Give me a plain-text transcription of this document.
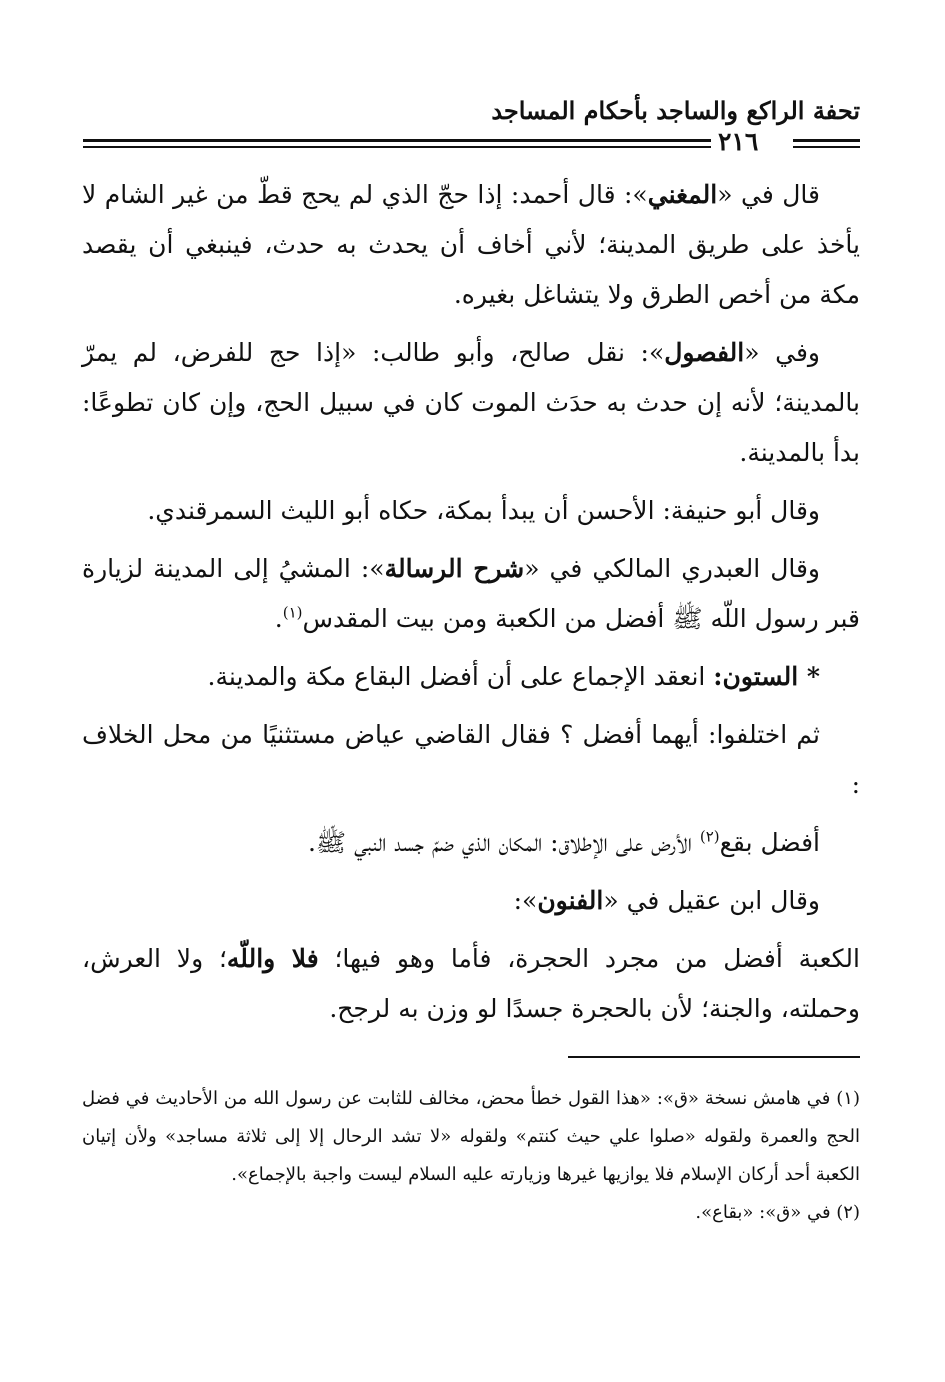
تحفة الراكع والساجد بأحكام المساجد
٢١٦

قال في «المغني»: قال أحمد: إذا حجّ الذي لم يحج قطّ من غير الشام لا يأخذ على طريق المدينة؛ لأني أخاف أن يحدث به حدث، فينبغي أن يقصد مكة من أخص الطرق ولا يتشاغل بغيره.

وفي «الفصول»: نقل صالح، وأبو طالب: «إذا حج للفرض، لم يمرّ بالمدينة؛ لأنه إن حدث به حدَث الموت كان في سبيل الحج، وإن كان تطوعًا: بدأ بالمدينة.

وقال أبو حنيفة: الأحسن أن يبدأ بمكة، حكاه أبو الليث السمرقندي.

وقال العبدري المالكي في «شرح الرسالة»: المشيُ إلى المدينة لزيارة قبر رسول اللّه ﷺ أفضل من الكعبة ومن بيت المقدس$^{(١)}$.

* الستون: انعقد الإجماع على أن أفضل البقاع مكة والمدينة.

ثم اختلفوا: أيهما أفضل ؟ فقال القاضي عياض مستثنيًا من محل الخلاف :

أفضل بقع$^{(٢)}$ الأرض على الإطلاق: المكان الذي ضمّ جسد النبي ﷺ.

وقال ابن عقيل في «الفنون»:

الكعبة أفضل من مجرد الحجرة، فأما وهو فيها؛ فلا واللّه؛ ولا العرش، وحملته، والجنة؛ لأن بالحجرة جسدًا لو وزن به لرجح.

(١) في هامش نسخة «ق»: «هذا القول خطأ محض، مخالف للثابت عن رسول الله من الأحاديث في فضل الحج والعمرة ولقوله «صلوا علي حيث كنتم» ولقوله «لا تشد الرحال إلا إلى ثلاثة مساجد» ولأن إتيان الكعبة أحد أركان الإسلام فلا يوازيها غيرها وزيارته عليه السلام ليست واجبة بالإجماع».

(٢) في «ق»: «بقاع».
